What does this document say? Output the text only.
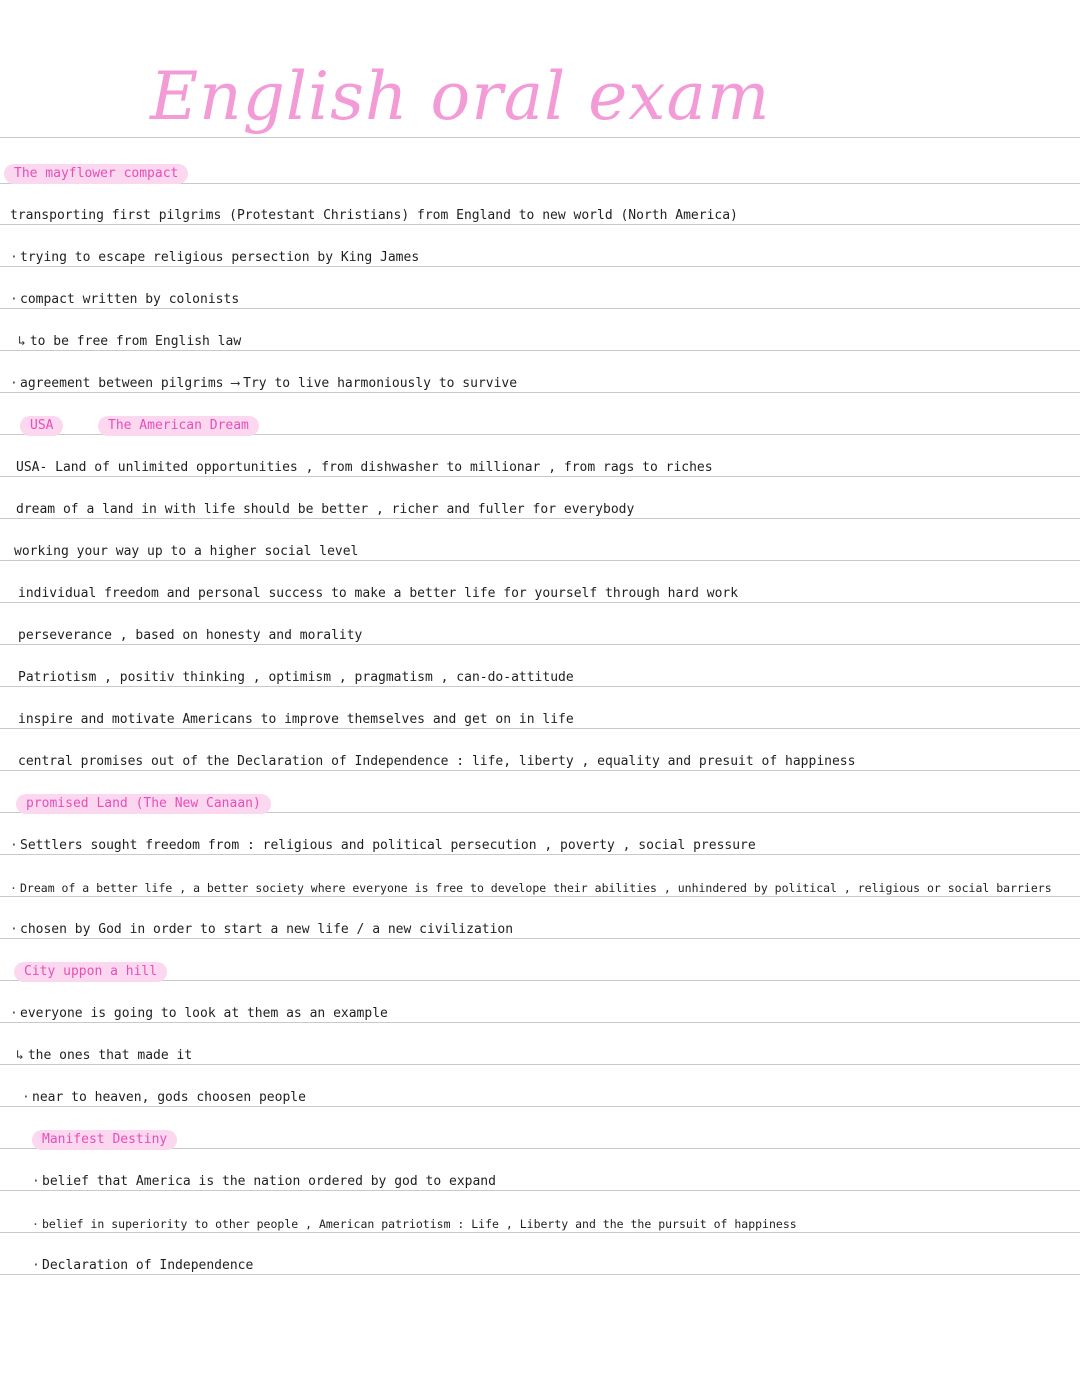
English oral exam
The mayflower compact
transporting first pilgrims (Protestant Christians) from England to new world (North America)
· trying to escape religious persection by King James
· compact written by colonists
↳ to be free from English law
· agreement between pilgrims ⟶ Try to live harmoniously to survive
USA	The American Dream
USA- Land of unlimited opportunities , from dishwasher to millionar , from rags to riches
dream of a land in with life should be better , richer and fuller for everybody
working your way up to a higher social level
individual freedom and personal success to make a better life for yourself through hard work
perseverance , based on honesty and morality
Patriotism , positiv thinking , optimism , pragmatism , can-do-attitude
inspire and motivate Americans to improve themselves and get on in life
central promises out of the Declaration of Independence : life, liberty , equality and presuit of happiness
promised Land (The New Canaan)
· Settlers sought freedom from : religious and political persecution , poverty , social pressure
· Dream of a better life , a better society where everyone is free to develope their abilities , unhindered by political , religious or social barriers
· chosen by God in order to start a new life / a new civilization
City uppon a hill
· everyone is going to look at them as an example
↳ the ones that made it
· near to heaven, gods choosen people
Manifest Destiny
· belief that America is the nation ordered by god to expand
· belief in superiority to other people , American patriotism : Life , Liberty and the the pursuit of happiness
· Declaration of Independence
